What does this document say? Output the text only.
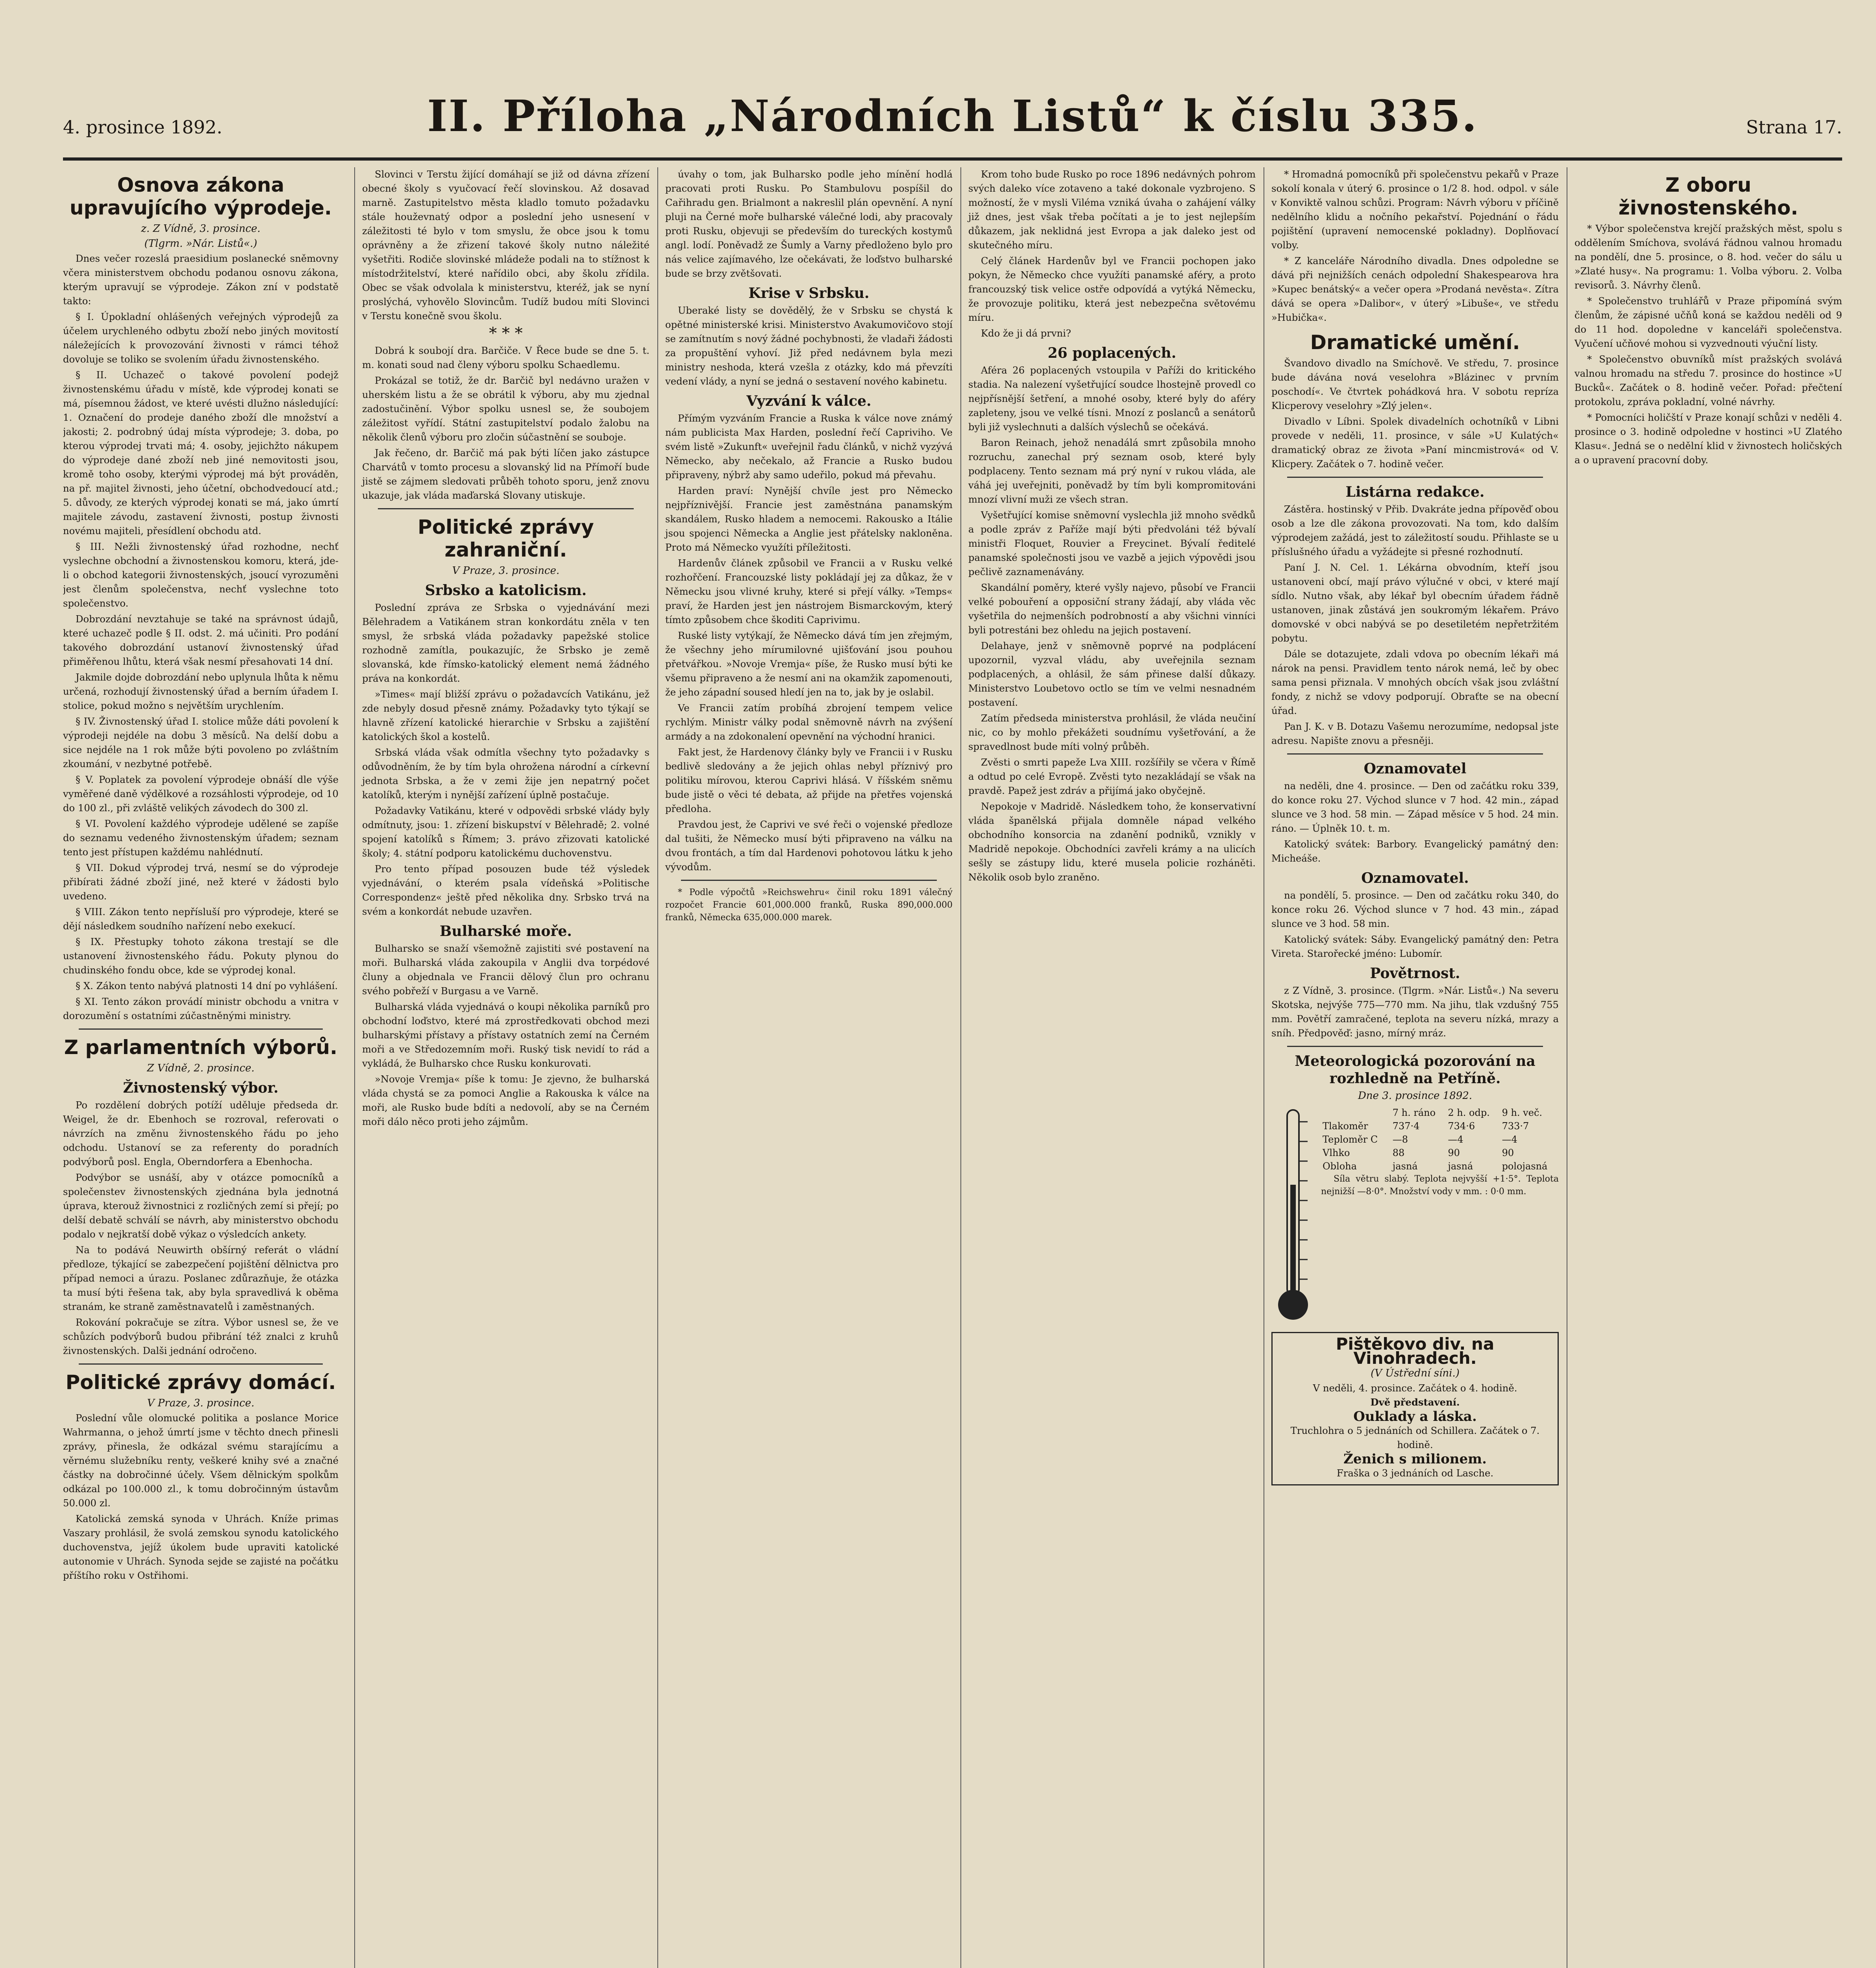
4. prosince 1892.	II. Příloha „Národních Listů“ k číslu 335.	Strana 17.
Osnova zákona upravujícího výprodeje.
z. Z Vídně, 3. prosince.
(Tlgrm. »Nár. Listů«.)

Dnes večer rozeslá praesidium poslanecké sněmovny včera ministerstvem obchodu podanou osnovu zákona, kterým upravují se výprodeje. Zákon zní v podstatě takto:

§ I. Úpokladní ohlášených veřejných výprodejů za účelem urychleného odbytu zboží nebo jiných movitostí náležejících k provozování živnosti v rámci téhož dovoluje se toliko se svolením úřadu živnostenského.

§ II. Uchazeč o takové povolení podejž živnostenskému úřadu v místě, kde výprodej konati se má, písemnou žádost, ve které uvésti dlužno následující: 1. Označení do prodeje daného zboží dle množství a jakosti; 2. podrobný údaj místa výprodeje; 3. doba, po kterou výprodej trvati má; 4. osoby, jejichžto nákupem do výprodeje dané zboží neb jiné nemovitosti jsou, kromě toho osoby, kterými výprodej má být prováděn, na př. majitel živnosti, jeho účetní, obchodvedoucí atd.; 5. důvody, ze kterých výprodej konati se má, jako úmrtí majitele závodu, zastavení živnosti, postup živnosti novému majiteli, přesídlení obchodu atd.

§ III. Nežli živnostenský úřad rozhodne, nechť vyslechne obchodní a živnostenskou komoru, která, jde-li o obchod kategorii živnostenských, jsoucí vyrozuměni jest členům společenstva, nechť vyslechne toto společenstvo.

Dobrozdání nevztahuje se také na správnost údajů, které uchazeč podle § II. odst. 2. má učiniti. Pro podání takového dobrozdání ustanoví živnostenský úřad přiměřenou lhůtu, která však nesmí přesahovati 14 dní.

Jakmile dojde dobrozdání nebo uplynula lhůta k němu určená, rozhodují živnostenský úřad a berním úřadem I. stolice, pokud možno s největším urychlením.

§ IV. Živnostenský úřad I. stolice může dáti povolení k výprodeji nejdéle na dobu 3 měsíců. Na delší dobu a sice nejdéle na 1 rok může býti povoleno po zvláštním zkoumání, v nezbytné potřebě.

§ V. Poplatek za povolení výprodeje obnáší dle výše vyměřené daně výdělkové a rozsáhlosti výprodeje, od 10 do 100 zl., při zvláště velikých závodech do 300 zl.

§ VI. Povolení každého výprodeje udělené se zapíše do seznamu vedeného živnostenským úřadem; seznam tento jest přístupen každému nahlédnutí.

§ VII. Dokud výprodej trvá, nesmí se do výprodeje přibírati žádné zboží jiné, než které v žádosti bylo uvedeno.

§ VIII. Zákon tento nepřísluší pro výprodeje, které se dějí následkem soudního nařízení nebo exekucí.

§ IX. Přestupky tohoto zákona trestají se dle ustanovení živnostenského řádu. Pokuty plynou do chudinského fondu obce, kde se výprodej konal.

§ X. Zákon tento nabývá platnosti 14 dní po vyhlášení.

§ XI. Tento zákon provádí ministr obchodu a vnitra v dorozumění s ostatními zúčastněnými ministry.

Z parlamentních výborů.
Z Vídně, 2. prosince.
Živnostenský výbor.

Po rozdělení dobrých potíží uděluje předseda dr. Weigel, že dr. Ebenhoch se rozroval, referovati o návrzích na změnu živnostenského řádu po jeho odchodu. Ustanoví se za referenty do poradních podvýborů posl. Engla, Oberndorfera a Ebenhocha.

Podvýbor se usnáší, aby v otázce pomocníků a společenstev živnostenských zjednána byla jednotná úprava, kterouž živnostnici z rozličných zemí si přejí; po delší debatě schválí se návrh, aby ministerstvo obchodu podalo v nejkratší době výkaz o výsledcích ankety.

Na to podává Neuwirth obšírný referát o vládní předloze, týkající se zabezpečení pojištění dělnictva pro případ nemoci a úrazu. Poslanec zdůrazňuje, že otázka ta musí býti řešena tak, aby byla spravedlivá k oběma stranám, ke straně zaměstnavatelů i zaměstnaných.

Rokování pokračuje se zítra. Výbor usnesl se, že ve schůzích podvýborů budou přibrání též znalci z kruhů živnostenských. Dalši jednání odročeno.

Politické zprávy domácí.
V Praze, 3. prosince.

Poslední vůle olomucké politika a poslance Morice Wahrmanna, o jehož úmrtí jsme v těchto dnech přinesli zprávy, přinesla, že odkázal svému starajícímu a věrnému služebníku renty, veškeré knihy své a značné částky na dobročinné účely. Všem dělnickým spolkům odkázal po 100.000 zl., k tomu dobročinným ústavům 50.000 zl.

Katolická zemská synoda v Uhrách. Kníže primas Vaszary prohlásil, že svolá zemskou synodu katolického duchovenstva, jejíž úkolem bude upraviti katolické autonomie v Uhrách. Synoda sejde se zajisté na počátku příštího roku v Ostřihomi.

Slovinci v Terstu žijící domáhají se již od dávna zřízení obecné školy s vyučovací řečí slovinskou. Až dosavad marně. Zastupitelstvo města kladlo tomuto požadavku stále houževnatý odpor a poslední jeho usnesení v záležitosti té bylo v tom smyslu, že obce jsou k tomu oprávněny a že zřizení takové školy nutno náležité vyšetřiti. Rodiče slovinské mládeže podali na to stížnost k místodržitelství, které nařídilo obci, aby školu zřídila. Obec se však odvolala k ministerstvu, kteréž, jak se nyní proslýchá, vyhovělo Slovincům. Tudíž budou míti Slovinci v Terstu konečně svou školu.

* * *

Dobrá k soubojí dra. Barčiče. V Řece bude se dne 5. t. m. konati soud nad členy výboru spolku Schaedlemu.

Prokázal se totiž, že dr. Barčič byl nedávno uražen v uherském listu a že se obrátil k výboru, aby mu zjednal zadostučinění. Výbor spolku usnesl se, že soubojem záležitost vyřídí. Státní zastupitelství podalo žalobu na několik členů výboru pro zločin súčastnění se souboje.

Jak řečeno, dr. Barčič má pak býti líčen jako zástupce Charvátů v tomto procesu a slovanský lid na Přímoří bude jistě se zájmem sledovati průběh tohoto sporu, jenž znovu ukazuje, jak vláda maďarská Slovany utiskuje.

Politické zprávy zahraniční.
V Praze, 3. prosince.
Srbsko a katolicism.

Poslední zpráva ze Srbska o vyjednávání mezi Bělehradem a Vatikánem stran konkordátu zněla v ten smysl, že srbská vláda požadavky papežské stolice rozhodně zamítla, poukazujíc, že Srbsko je země slovanská, kde římsko-katolický element nemá žádného práva na konkordát.

»Times« mají bližší zprávu o požadavcích Vatikánu, jež zde nebyly dosud přesně známy. Požadavky tyto týkají se hlavně zřízení katolické hierarchie v Srbsku a zajištění katolických škol a kostelů.

Srbská vláda však odmítla všechny tyto požadavky s odůvodněním, že by tím byla ohrožena národní a církevní jednota Srbska, a že v zemi žije jen nepatrný počet katolíků, kterým i nynější zařízení úplně postačuje.

Požadavky Vatikánu, které v odpovědi srbské vlády byly odmítnuty, jsou: 1. zřízení biskupství v Bělehradě; 2. volné spojení katolíků s Římem; 3. právo zřizovati katolické školy; 4. státní podporu katolickému duchovenstvu.

Pro tento případ posouzen bude též výsledek vyjednávání, o kterém psala vídeňská »Politische Correspondenz« ještě před několika dny. Srbsko trvá na svém a konkordát nebude uzavřen.

Bulharské moře.

Bulharsko se snaží všemožně zajistiti své postavení na moři. Bulharská vláda zakoupila v Anglii dva torpédové čluny a objednala ve Francii dělový člun pro ochranu svého pobřeží v Burgasu a ve Varně.

Bulharská vláda vyjednává o koupi několika parníků pro obchodní loďstvo, které má zprostředkovati obchod mezi bulharskými přístavy a přístavy ostatních zemí na Černém moři a ve Středozemním moři. Ruský tisk nevidí to rád a vykládá, že Bulharsko chce Rusku konkurovati.

»Novoje Vremja« píše k tomu: Je zjevno, že bulharská vláda chystá se za pomoci Anglie a Rakouska k válce na moři, ale Rusko bude bdíti a nedovolí, aby se na Černém moři dálo něco proti jeho zájmům.

úvahy o tom, jak Bulharsko podle jeho mínění hodlá pracovati proti Rusku. Po Stambulovu pospíšil do Cařihradu gen. Brialmont a nakreslil plán opevnění. A nyní pluji na Černé moře bulharské válečné lodi, aby pracovaly proti Rusku, objevuji se především do tureckých kostymů angl. lodí. Poněvadž ze Šumly a Varny předloženo bylo pro nás velice zajímavého, lze očekávati, že loďstvo bulharské bude se brzy zvětšovati.

Krise v Srbsku.

Uberaké listy se dovědělý, že v Srbsku se chystá k opětné ministerské krisi. Ministerstvo Avakumovičovo stojí se zamítnutím s nový žádné pochybnosti, že vladaři žádosti za propuštění vyhoví. Již před nedávnem byla mezi ministry neshoda, která vzešla z otázky, kdo má převzíti vedení vlády, a nyní se jedná o sestavení nového kabinetu.

Vyzvání k válce.

Přímým vyzváním Francie a Ruska k válce nove známý nám publicista Max Harden, poslední řečí Capriviho. Ve svém listě »Zukunft« uveřejnil řadu článků, v nichž vyzývá Německo, aby nečekalo, až Francie a Rusko budou připraveny, nýbrž aby samo udeřilo, pokud má převahu.

Harden praví: Nynější chvíle jest pro Německo nejpříznivější. Francie jest zaměstnána panamským skandálem, Rusko hladem a nemocemi. Rakousko a Itálie jsou spojenci Německa a Anglie jest přátelsky nakloněna. Proto má Německo využíti příležitosti.

Hardenův článek způsobil ve Francii a v Rusku velké rozhořčení. Francouzské listy pokládají jej za důkaz, že v Německu jsou vlivné kruhy, které si přejí války. »Temps« praví, že Harden jest jen nástrojem Bismarckovým, který tímto způsobem chce škoditi Caprivimu.

Ruské listy vytýkají, že Německo dává tím jen zřejmým, že všechny jeho mírumilovné ujišťování jsou pouhou přetvářkou. »Novoje Vremja« píše, že Rusko musí býti ke všemu připraveno a že nesmí ani na okamžik zapomenouti, že jeho západní soused hledí jen na to, jak by je oslabil.

Ve Francii zatím probíhá zbrojení tempem velice rychlým. Ministr války podal sněmovně návrh na zvýšení armády a na zdokonalení opevnění na východní hranici.

Fakt jest, že Hardenovy články byly ve Francii i v Rusku bedlivě sledovány a že jejich ohlas nebyl příznivý pro politiku mírovou, kterou Caprivi hlásá. V říšském sněmu bude jistě o věci té debata, až přijde na přetřes vojenská předloha.

Pravdou jest, že Caprivi ve své řeči o vojenské předloze dal tušiti, že Německo musí býti připraveno na válku na dvou frontách, a tím dal Hardenovi pohotovou látku k jeho vývodům.

* Podle výpočtů »Reichswehru« činil roku 1891 válečný rozpočet Francie 601,000.000 franků, Ruska 890,000.000 franků, Německa 635,000.000 marek.

Krom toho bude Rusko po roce 1896 nedávných pohrom svých daleko více zotaveno a také dokonale vyzbrojeno. S možností, že v mysli Viléma vzniká úvaha o zahájení války již dnes, jest však třeba počítati a je to jest nejlepším důkazem, jak neklidná jest Evropa a jak daleko jest od skutečného míru.

Celý článek Hardenův byl ve Francii pochopen jako pokyn, že Německo chce využíti panamské aféry, a proto francouzský tisk velice ostře odpovídá a vytýká Německu, že provozuje politiku, která jest nebezpečna světovému míru.

Kdo že ji dá prvni?

26 poplacených.

Aféra 26 poplacených vstoupila v Paříži do kritického stadia. Na nalezení vyšetřující soudce lhostejně provedl co nejpřísnější šetření, a mnohé osoby, které byly do aféry zapleteny, jsou ve velké tísni. Mnozí z poslanců a senátorů byli již vyslechnuti a dalších výslechů se očekává.

Baron Reinach, jehož nenadálá smrt způsobila mnoho rozruchu, zanechal prý seznam osob, které byly podplaceny. Tento seznam má prý nyní v rukou vláda, ale váhá jej uveřejniti, poněvadž by tím byli kompromitováni mnozí vlivní muži ze všech stran.

Vyšetřující komise sněmovní vyslechla již mnoho svědků a podle zpráv z Paříže mají býti předvoláni též bývalí ministři Floquet, Rouvier a Freycinet. Bývalí ředitelé panamské společnosti jsou ve vazbě a jejich výpovědi jsou pečlivě zaznamenávány.

Skandální poměry, které vyšly najevo, působí ve Francii velké pobouření a opposiční strany žádají, aby vláda věc vyšetřila do nejmenších podrobností a aby všichni vinníci byli potrestáni bez ohledu na jejich postavení.

Delahaye, jenž v sněmovně poprvé na podplácení upozornil, vyzval vládu, aby uveřejnila seznam podplacených, a ohlásil, že sám přinese další důkazy. Ministerstvo Loubetovo octlo se tím ve velmi nesnadném postavení.

Zatím předseda ministerstva prohlásil, že vláda neučiní nic, co by mohlo překážeti soudnímu vyšetřování, a že spravedlnost bude míti volný průběh.

Zvěsti o smrti papeže Lva XIII. rozšířily se včera v Římě a odtud po celé Evropě. Zvěsti tyto nezakládají se však na pravdě. Papež jest zdráv a přijímá jako obyčejně.

Nepokoje v Madridě. Následkem toho, že konservativní vláda španělská přijala domněle nápad velkého obchodního konsorcia na zdanění podniků, vznikly v Madridě nepokoje. Obchodníci zavřeli krámy a na ulicích sešly se zástupy lidu, které musela policie rozháněti. Několik osob bylo zraněno.

* Hromadná pomocníků při společenstvu pekařů v Praze sokolí konala v úterý 6. prosince o 1/2 8. hod. odpol. v sále v Konviktě valnou schůzi. Program: Návrh výboru v příčině nedělního klidu a nočního pekařství. Pojednání o řádu pojištění (upravení nemocenské pokladny). Doplňovací volby.

* Z kanceláře Národního divadla. Dnes odpoledne se dává při nejnižších cenách odpolední Shakespearova hra »Kupec benátský« a večer opera »Prodaná nevěsta«. Zítra dává se opera »Dalibor«, v úterý »Libuše«, ve středu »Hubička«.

Dramatické umění.

Švandovo divadlo na Smíchově. Ve středu, 7. prosince bude dávána nová veselohra »Blázinec v prvním poschodí«. Ve čtvrtek pohádková hra. V sobotu repríza Klicperovy veselohry »Zlý jelen«.

Divadlo v Líbni. Spolek divadelních ochotníků v Libni provede v neděli, 11. prosince, v sále »U Kulatých« dramatický obraz ze života »Paní mincmistrová« od V. Klicpery. Začátek o 7. hodině večer.

Listárna redakce.

Zástěra. hostinský v Přib. Dvakráte jedna přípověď obou osob a lze dle zákona provozovati. Na tom, kdo dalším výprodejem zažádá, jest to záležitostí soudu. Přihlaste se u příslušného úřadu a vyžádejte si přesné rozhodnutí.

Paní J. N. Cel. 1. Lékárna obvodním, kteří jsou ustanoveni obcí, mají právo výlučné v obci, v které mají sídlo. Nutno však, aby lékař byl obecním úřadem řádně ustanoven, jinak zůstává jen soukromým lékařem. Právo domovské v obci nabývá se po desetiletém nepřetržitém pobytu.

Dále se dotazujete, zdali vdova po obecním lékaři má nárok na pensi. Pravidlem tento nárok nemá, leč by obec sama pensi přiznala. V mnohých obcích však jsou zvláštní fondy, z nichž se vdovy podporují. Obraťte se na obecní úřad.

Pan J. K. v B. Dotazu Vašemu nerozumíme, nedopsal jste adresu. Napište znovu a přesněji.

Oznamovatel

na neděli, dne 4. prosince. — Den od začátku roku 339, do konce roku 27. Východ slunce v 7 hod. 42 min., západ slunce ve 3 hod. 58 min. — Západ měsíce v 5 hod. 24 min. ráno. — Úplněk 10. t. m.

Katolický svátek: Barbory. Evangelický památný den: Micheáše.

Oznamovatel.

na pondělí, 5. prosince. — Den od začátku roku 340, do konce roku 26. Východ slunce v 7 hod. 43 min., západ slunce ve 3 hod. 58 min.

Katolický svátek: Sáby. Evangelický památný den: Petra Vireta. Starořecké jméno: Lubomír.

Povětrnost.

z Z Vídně, 3. prosince. (Tlgrm. »Nár. Listů«.) Na severu Skotska, nejvýše 775—770 mm. Na jihu, tlak vzdušný 755 mm. Povětří zamračené, teplota na severu nízká, mrazy a sníh. Předpověď: jasno, mírný mráz.

Meteorologická pozorování na rozhledně na Petříně.
Dne 3. prosince 1892.
	7 h. ráno	2 h. odp.	9 h. več.
Tlakoměr	737·4	734·6	733·7
Teploměr C	—8	—4	—4
Vlhko	88	90	90
Obloha	jasná	jasná	polojasná

Síla větru slabý. Teplota nejvyšší +1·5°. Teplota nejnižší —8·0°. Množství vody v mm. : 0·0 mm.

Pištěkovo div. na Vinohradech.
(V Ústřední síni.)
V neděli, 4. prosince. Začátek o 4. hodině.
Dvě představení.
Ouklady a láska.
Truchlohra o 5 jednáních od Schillera. Začátek o 7. hodině.
Ženich s milionem.
Fraška o 3 jednáních od Lasche.
Z oboru živnostenského.

* Výbor společenstva krejčí pražských měst, spolu s oddělením Smíchova, svolává řádnou valnou hromadu na pondělí, dne 5. prosince, o 8. hod. večer do sálu u »Zlaté husy«. Na programu: 1. Volba výboru. 2. Volba revisorů. 3. Návrhy členů.

* Společenstvo truhlářů v Praze připomíná svým členům, že zápisné učňů koná se každou neděli od 9 do 11 hod. dopoledne v kanceláři společenstva. Vyučení učňové mohou si vyzvednouti výuční listy.

* Společenstvo obuvníků míst pražských svolává valnou hromadu na středu 7. prosince do hostince »U Bucků«. Začátek o 8. hodině večer. Pořad: přečtení protokolu, zpráva pokladní, volné návrhy.

* Pomocníci holičští v Praze konají schůzi v neděli 4. prosince o 3. hodině odpoledne v hostinci »U Zlatého Klasu«. Jedná se o nedělní klid v živnostech holičských a o upravení pracovní doby.
